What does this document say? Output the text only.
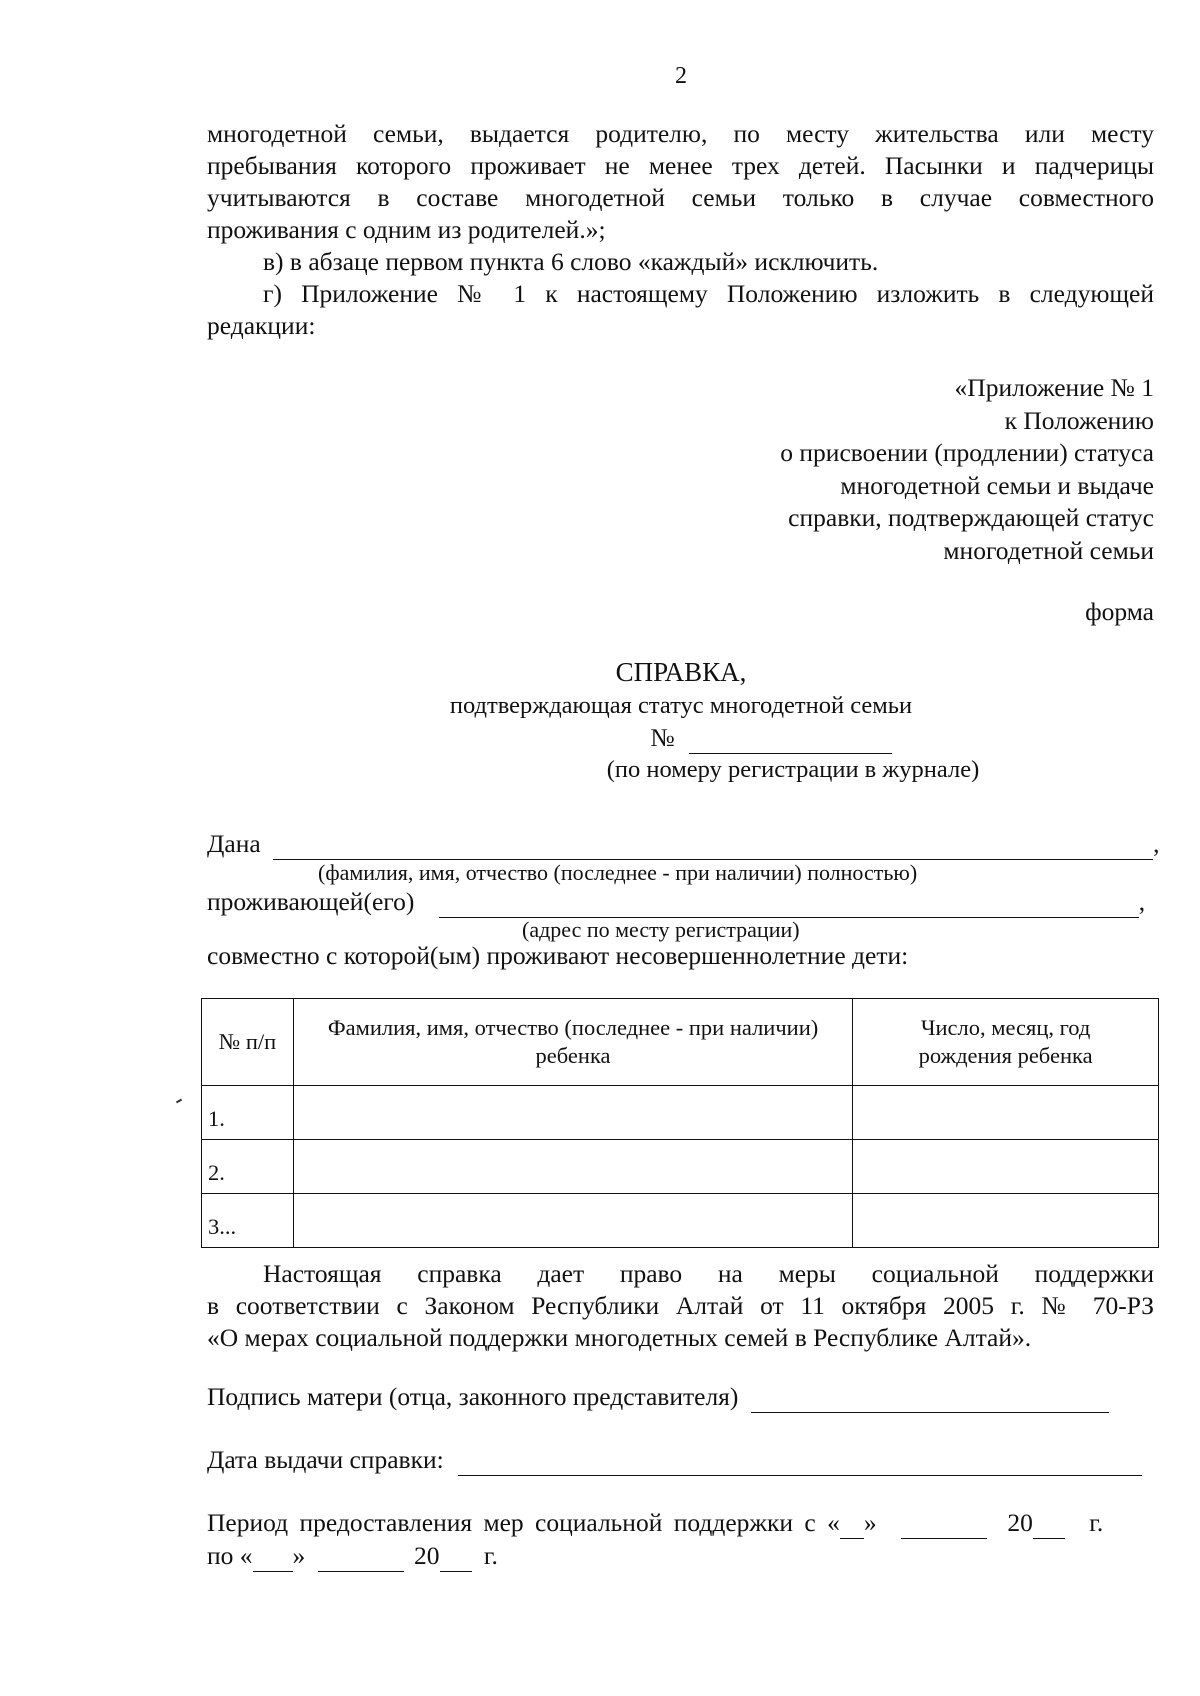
2
многодетной семьи, выдается родителю, по месту жительства или месту
пребывания которого проживает не менее трех детей. Пасынки и падчерицы
учитываются в составе многодетной семьи только в случае совместного
проживания с одним из родителей.»;
в) в абзаце первом пункта 6 слово «каждый» исключить.
г) Приложение № 1 к настоящему Положению изложить в следующей
редакции:
«Приложение № 1
к Положению
о присвоении (продлении) статуса
многодетной семьи и выдаче
справки, подтверждающей статус
многодетной семьи
форма
СПРАВКА,
подтверждающая статус многодетной семьи
№
(по номеру регистрации в журнале)
Дана	,
(фамилия, имя, отчество (последнее - при наличии) полностью)
проживающей(его)	,
(адрес по месту регистрации)
совместно с которой(ым) проживают несовершеннолетние дети:
№ п/п	Фамилия, имя, отчество (последнее - при наличии) ребенка	Число, месяц, год рождения ребенка
1.		
2.		
3...		
Настоящая справка дает право на меры социальной поддержки
в соответствии с Законом Республики Алтай от 11 октября 2005 г. № 70-РЗ
«О мерах социальной поддержки многодетных семей в Республике Алтай».
Подпись матери (отца, законного представителя)
Дата выдачи справки:
Период предоставления мер социальной поддержки с « »	20 г.
по « »	20 г.
